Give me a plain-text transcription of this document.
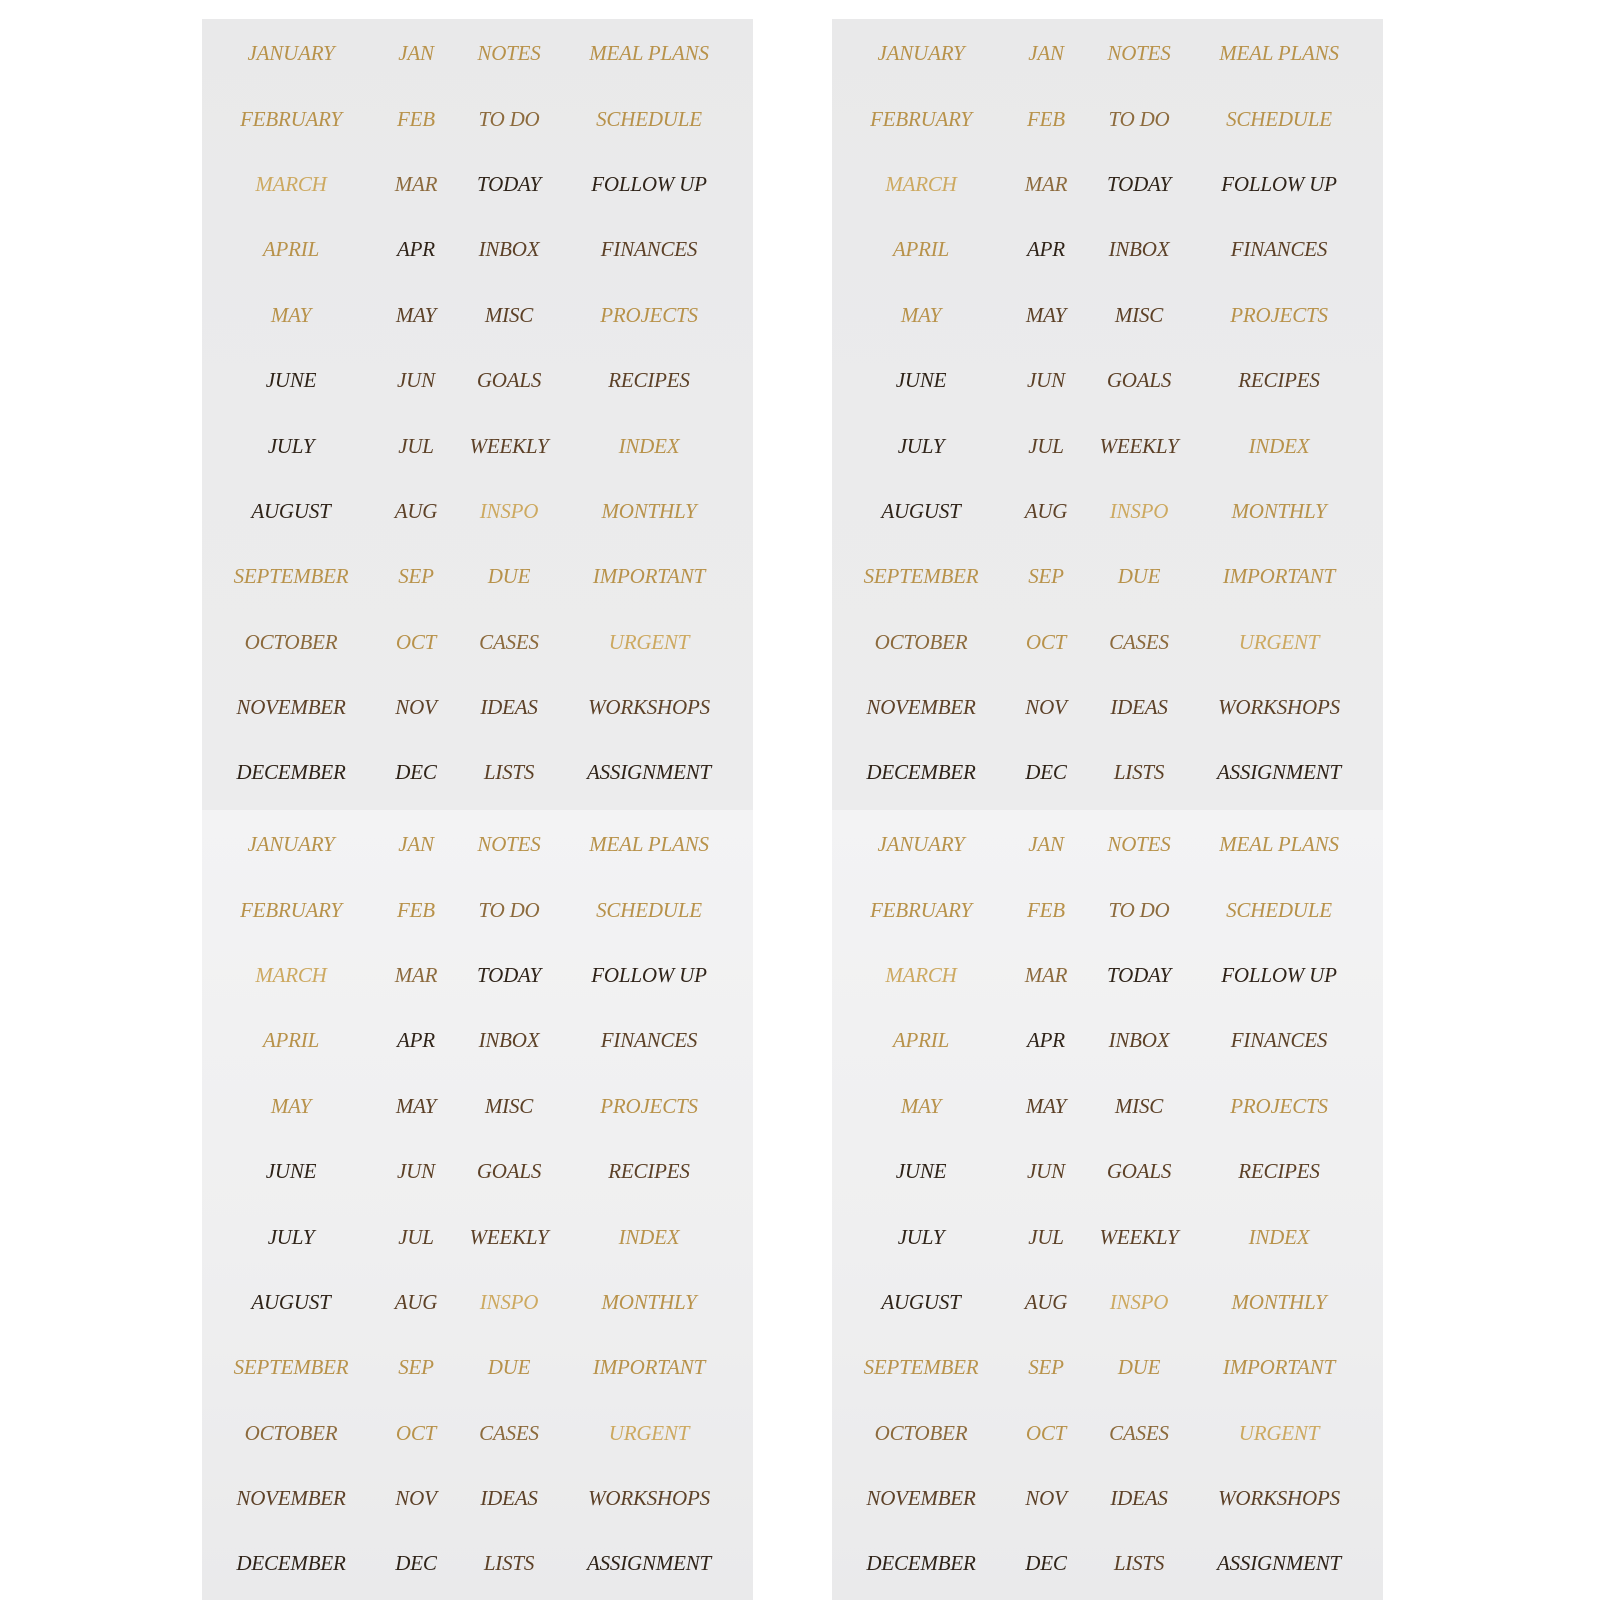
JANUARY	JAN	NOTES	MEAL PLANS
FEBRUARY	FEB	TO DO	SCHEDULE
MARCH	MAR	TODAY	FOLLOW UP
APRIL	APR	INBOX	FINANCES
MAY	MAY	MISC	PROJECTS
JUNE	JUN	GOALS	RECIPES
JULY	JUL	WEEKLY	INDEX
AUGUST	AUG	INSPO	MONTHLY
SEPTEMBER	SEP	DUE	IMPORTANT
OCTOBER	OCT	CASES	URGENT
NOVEMBER	NOV	IDEAS	WORKSHOPS
DECEMBER	DEC	LISTS	ASSIGNMENT
JANUARY	JAN	NOTES	MEAL PLANS
FEBRUARY	FEB	TO DO	SCHEDULE
MARCH	MAR	TODAY	FOLLOW UP
APRIL	APR	INBOX	FINANCES
MAY	MAY	MISC	PROJECTS
JUNE	JUN	GOALS	RECIPES
JULY	JUL	WEEKLY	INDEX
AUGUST	AUG	INSPO	MONTHLY
SEPTEMBER	SEP	DUE	IMPORTANT
OCTOBER	OCT	CASES	URGENT
NOVEMBER	NOV	IDEAS	WORKSHOPS
DECEMBER	DEC	LISTS	ASSIGNMENT
JANUARY	JAN	NOTES	MEAL PLANS
FEBRUARY	FEB	TO DO	SCHEDULE
MARCH	MAR	TODAY	FOLLOW UP
APRIL	APR	INBOX	FINANCES
MAY	MAY	MISC	PROJECTS
JUNE	JUN	GOALS	RECIPES
JULY	JUL	WEEKLY	INDEX
AUGUST	AUG	INSPO	MONTHLY
SEPTEMBER	SEP	DUE	IMPORTANT
OCTOBER	OCT	CASES	URGENT
NOVEMBER	NOV	IDEAS	WORKSHOPS
DECEMBER	DEC	LISTS	ASSIGNMENT
JANUARY	JAN	NOTES	MEAL PLANS
FEBRUARY	FEB	TO DO	SCHEDULE
MARCH	MAR	TODAY	FOLLOW UP
APRIL	APR	INBOX	FINANCES
MAY	MAY	MISC	PROJECTS
JUNE	JUN	GOALS	RECIPES
JULY	JUL	WEEKLY	INDEX
AUGUST	AUG	INSPO	MONTHLY
SEPTEMBER	SEP	DUE	IMPORTANT
OCTOBER	OCT	CASES	URGENT
NOVEMBER	NOV	IDEAS	WORKSHOPS
DECEMBER	DEC	LISTS	ASSIGNMENT
